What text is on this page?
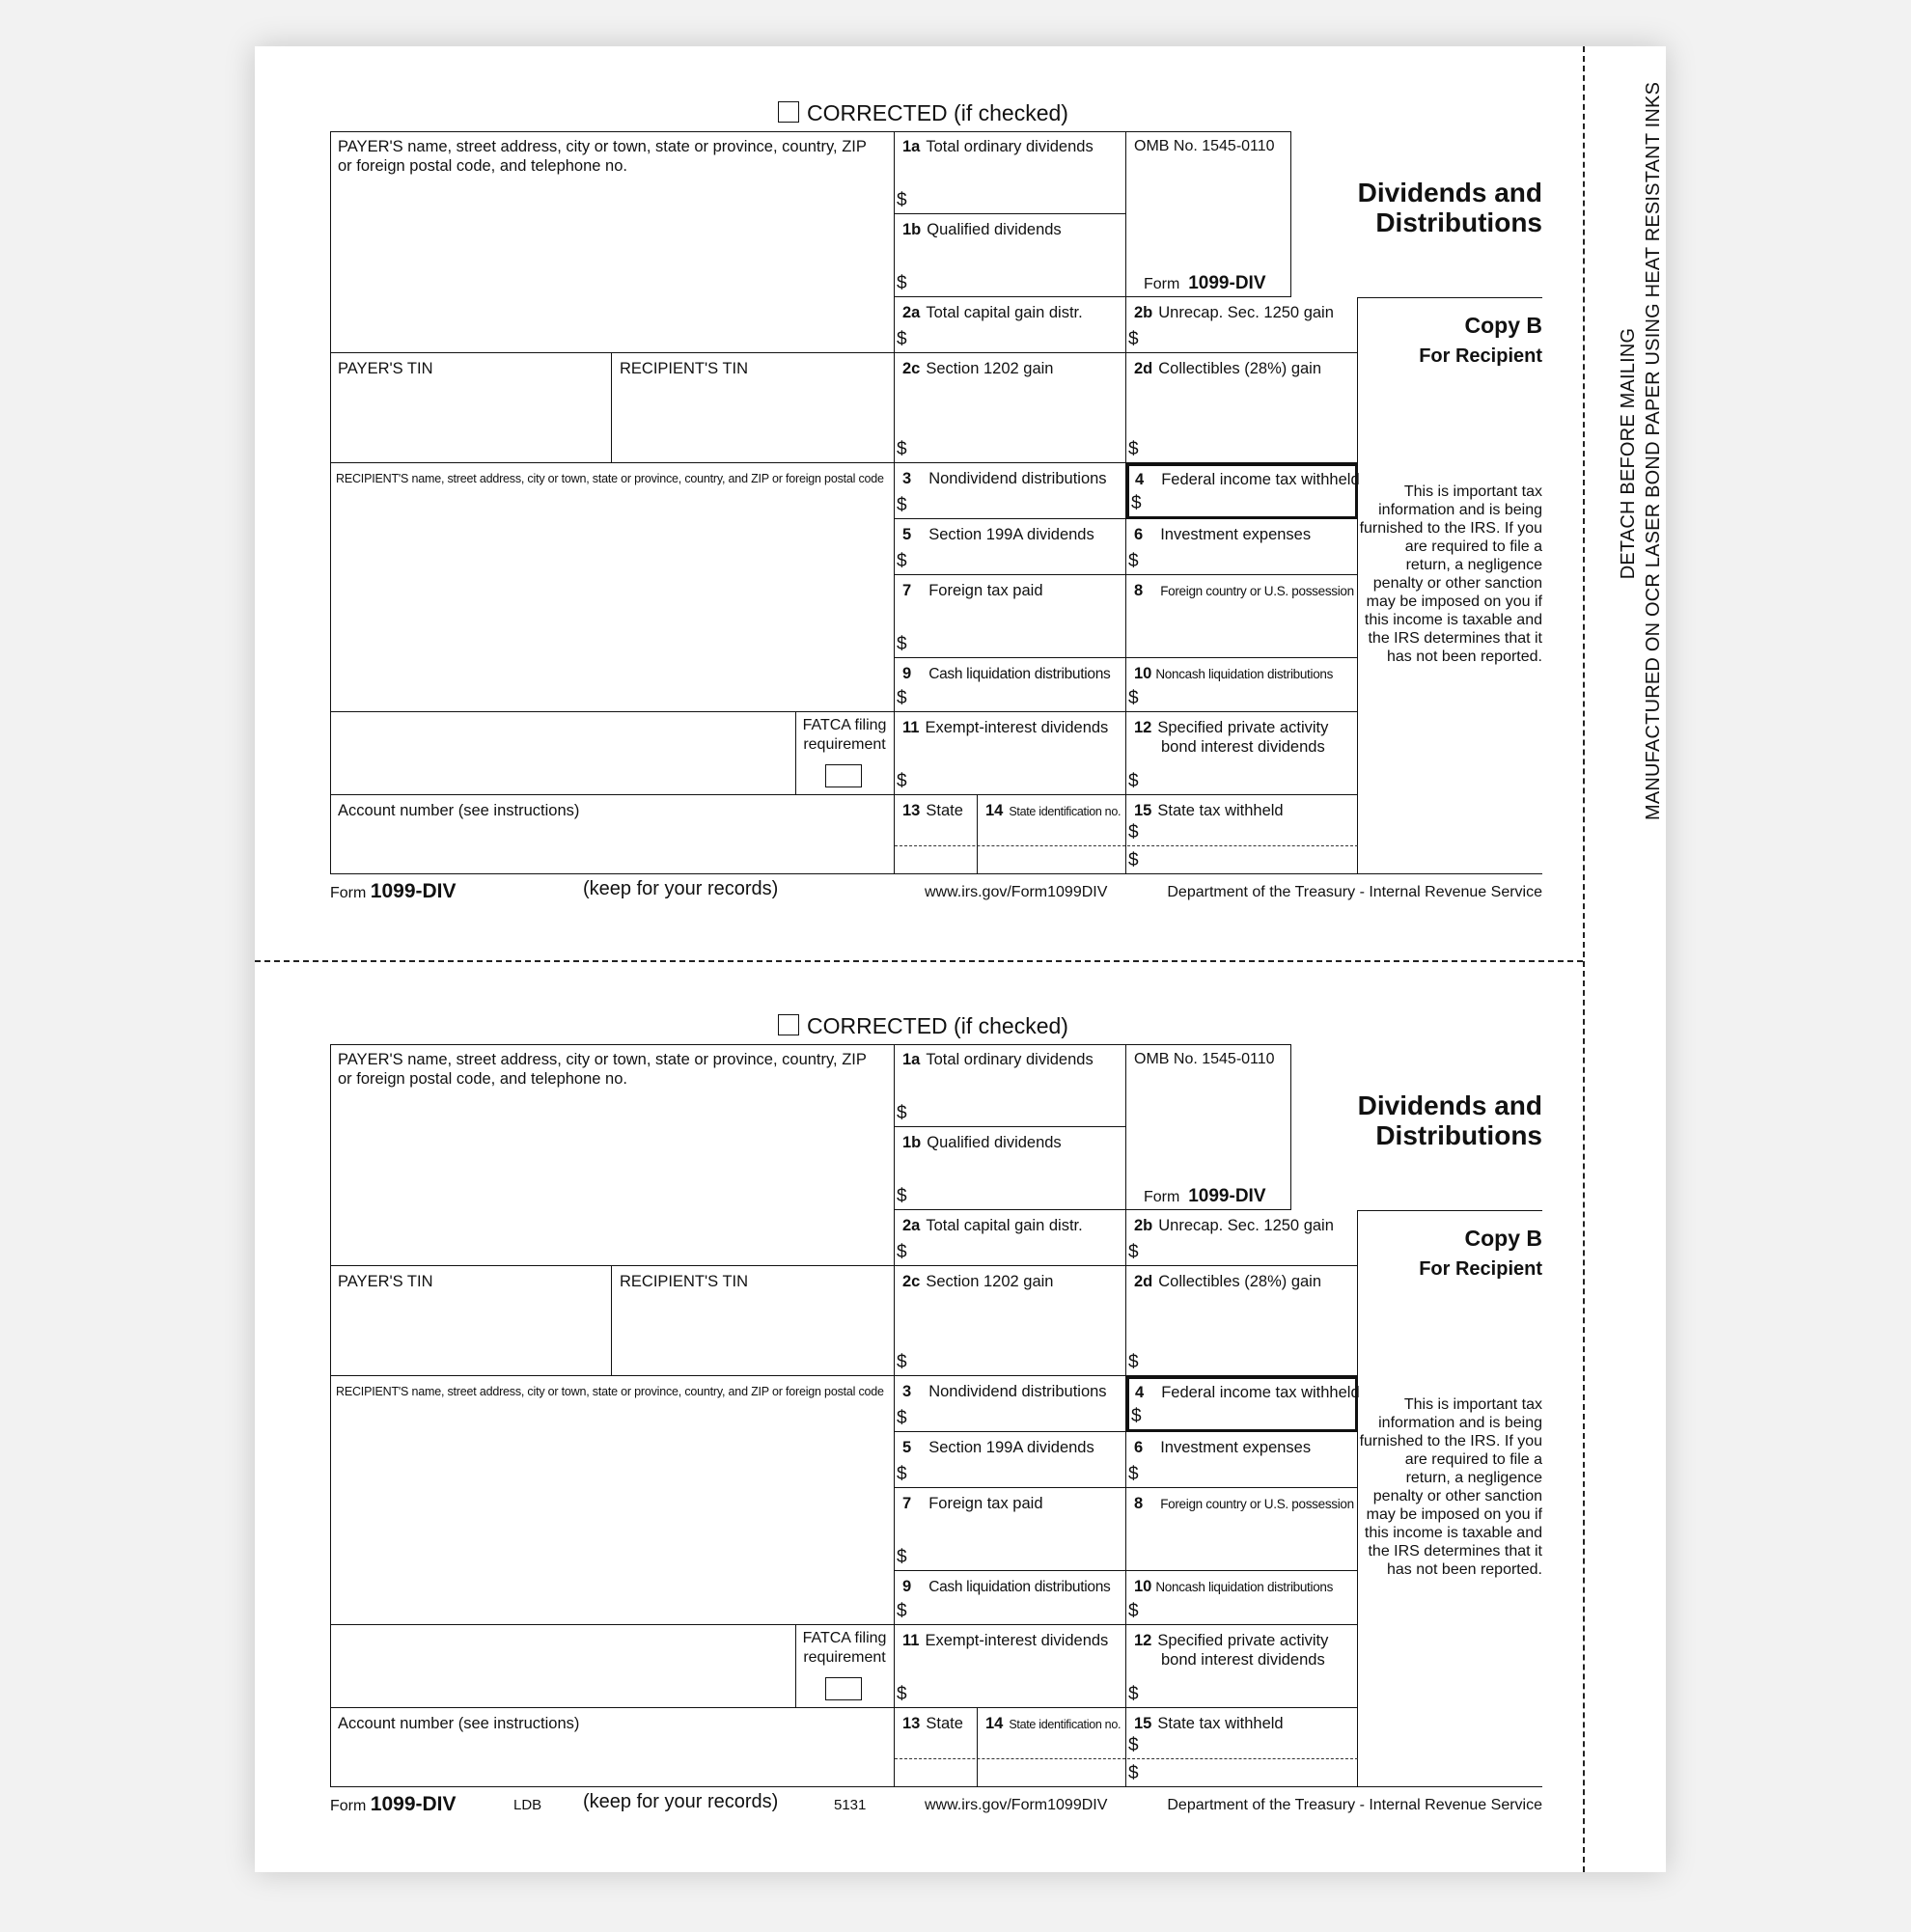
DETACH BEFORE MAILING MANUFACTURED ON OCR LASER BOND PAPER USING HEAT RESISTANT INKS
CORRECTED (if checked)
PAYER'S name, street address, city or town, state or province, country, ZIP
or foreign postal code, and telephone no.
PAYER'S TIN	RECIPIENT'S TIN
RECIPIENT'S name, street address, city or town, state or province, country, and ZIP or foreign postal code
FATCA filing
requirement
Account number (see instructions)
1a Total ordinary dividends
$
1b Qualified dividends
$
OMB No. 1545-0110
Form 1099-DIV
2a Total capital gain distr.
$
2b Unrecap. Sec. 1250 gain
$
2c Section 1202 gain
$
2d Collectibles (28%) gain
$
3 Nondividend distributions
$
4 Federal income tax withheld
$
5 Section 199A dividends
$
6 Investment expenses
$
7 Foreign tax paid
$
8 Foreign country or U.S. possession
9 Cash liquidation distributions
$
10 Noncash liquidation distributions
$
11 Exempt-interest dividends
$
12 Specified private activity
bond interest dividends
$
13 State 14 State identification no. 15 State tax withheld
$
$
Dividends and
Distributions
Copy B
For Recipient
This is important tax information and is being furnished to the IRS. If you are required to file a return, a negligence penalty or other sanction may be imposed on you if this income is taxable and the IRS determines that it has not been reported.
Form 1099-DIV	(keep for your records)	www.irs.gov/Form1099DIV	Department of the Treasury - Internal Revenue Service
CORRECTED (if checked)
PAYER'S name, street address, city or town, state or province, country, ZIP
or foreign postal code, and telephone no.
PAYER'S TIN	RECIPIENT'S TIN
RECIPIENT'S name, street address, city or town, state or province, country, and ZIP or foreign postal code
FATCA filing
requirement
Account number (see instructions)
1a Total ordinary dividends
$
1b Qualified dividends
$
OMB No. 1545-0110
Form 1099-DIV
2a Total capital gain distr.
$
2b Unrecap. Sec. 1250 gain
$
2c Section 1202 gain
$
2d Collectibles (28%) gain
$
3 Nondividend distributions
$
4 Federal income tax withheld
$
5 Section 199A dividends
$
6 Investment expenses
$
7 Foreign tax paid
$
8 Foreign country or U.S. possession
9 Cash liquidation distributions
$
10 Noncash liquidation distributions
$
11 Exempt-interest dividends
$
12 Specified private activity
bond interest dividends
$
13 State 14 State identification no. 15 State tax withheld
$
$
Dividends and
Distributions
Copy B
For Recipient
This is important tax information and is being furnished to the IRS. If you are required to file a return, a negligence penalty or other sanction may be imposed on you if this income is taxable and the IRS determines that it has not been reported.
Form 1099-DIV	LDB (keep for your records)	5131	www.irs.gov/Form1099DIV	Department of the Treasury - Internal Revenue Service
